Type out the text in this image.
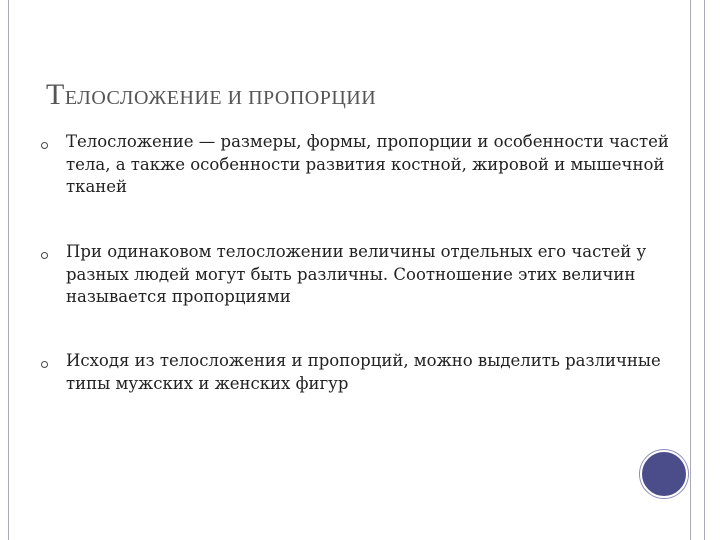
ТЕЛОСЛОЖЕНИЕ И ПРОПОРЦИИ
Телосложение — размеры, формы, пропорции и особенности частей тела, а также особенности развития костной, жировой и мышечной тканей
При одинаковом телосложении величины отдельных его частей у разных людей могут быть различны. Соотношение этих величин называется пропорциями
Исходя из телосложения и пропорций, можно выделить различные типы мужских и женских фигур
